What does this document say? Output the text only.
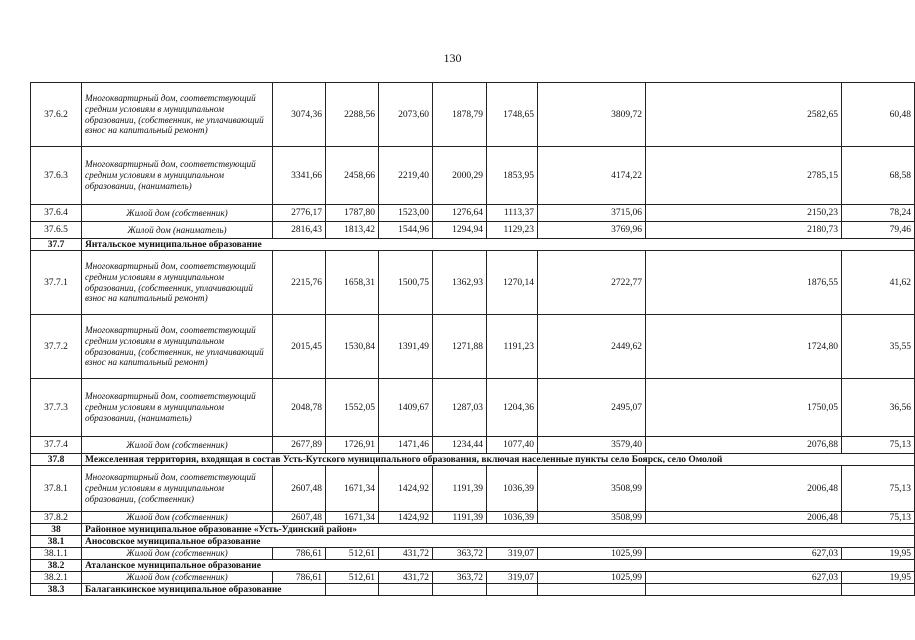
130
37.6.2	Многоквартирный дом, соответствующий средним условиям в муниципальном образовании, (собственник, не уплачивающий взнос на капитальный ремонт)	3074,36	2288,56	2073,60	1878,79	1748,65	3809,72	2582,65	60,48
37.6.3	Многоквартирный дом, соответствующий средним условиям в муниципальном образовании, (наниматель)	3341,66	2458,66	2219,40	2000,29	1853,95	4174,22	2785,15	68,58
37.6.4	Жилой дом (собственник)	2776,17	1787,80	1523,00	1276,64	1113,37	3715,06	2150,23	78,24
37.6.5	Жилой дом (наниматель)	2816,43	1813,42	1544,96	1294,94	1129,23	3769,96	2180,73	79,46
37.7	Янтальское муниципальное образование								
37.7.1	Многоквартирный дом, соответствующий средним условиям в муниципальном образовании, (собственник, уплачивающий взнос на капитальный ремонт)	2215,76	1658,31	1500,75	1362,93	1270,14	2722,77	1876,55	41,62
37.7.2	Многоквартирный дом, соответствующий средним условиям в муниципальном образовании, (собственник, не уплачивающий взнос на капитальный ремонт)	2015,45	1530,84	1391,49	1271,88	1191,23	2449,62	1724,80	35,55
37.7.3	Многоквартирный дом, соответствующий средним условиям в муниципальном образовании, (наниматель)	2048,78	1552,05	1409,67	1287,03	1204,36	2495,07	1750,05	36,56
37.7.4	Жилой дом (собственник)	2677,89	1726,91	1471,46	1234,44	1077,40	3579,40	2076,88	75,13
37.8	Межселенная территория, входящая в состав Усть-Кутского муниципального образования, включая населенные пункты село Боярск, село Омолой								
37.8.1	Многоквартирный дом, соответствующий средним условиям в муниципальном образовании, (собственник)	2607,48	1671,34	1424,92	1191,39	1036,39	3508,99	2006,48	75,13
37.8.2	Жилой дом (собственник)	2607,48	1671,34	1424,92	1191,39	1036,39	3508,99	2006,48	75,13
38	Районное муниципальное образование «Усть-Удинский район»								
38.1	Аносовское муниципальное образование								
38.1.1	Жилой дом (собственник)	786,61	512,61	431,72	363,72	319,07	1025,99	627,03	19,95
38.2	Аталанское муниципальное образование								
38.2.1	Жилой дом (собственник)	786,61	512,61	431,72	363,72	319,07	1025,99	627,03	19,95
38.3	Балаганкинское муниципальное образование								
